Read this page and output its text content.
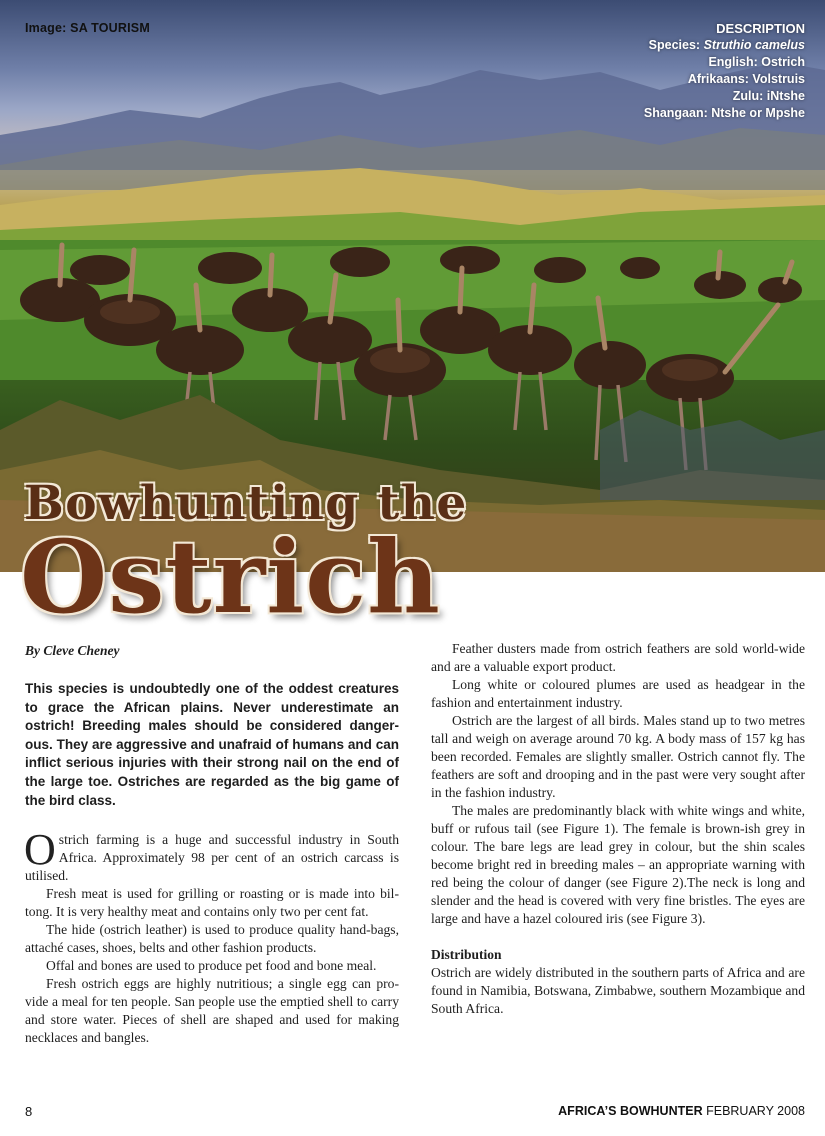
Image: SA TOURISM	DESCRIPTION
Species: Struthio camelus
English: Ostrich
Afrikaans: Volstruis
Zulu: iNtshe
Shangaan: Ntshe or Mpshe
Bowhunting the
Ostrich
By Cleve Cheney
This species is undoubtedly one of the oddest creatures to grace the African plains. Never underestimate an ostrich! Breeding males should be considered danger-ous. They are aggressive and unafraid of humans and can inflict serious injuries with their strong nail on the end of the large toe. Ostriches are regarded as the big game of the bird class.

Ostrich farming is a huge and successful industry in South Africa. Approximately 98 per cent of an ostrich carcass is utilised.

Fresh meat is used for grilling or roasting or is made into bil-tong. It is very healthy meat and contains only two per cent fat.

The hide (ostrich leather) is used to produce quality hand-bags, attaché cases, shoes, belts and other fashion products.

Offal and bones are used to produce pet food and bone meal.

Fresh ostrich eggs are highly nutritious; a single egg can pro-vide a meal for ten people. San people use the emptied shell to carry and store water. Pieces of shell are shaped and used for making necklaces and bangles.

Feather dusters made from ostrich feathers are sold world-wide and are a valuable export product.

Long white or coloured plumes are used as headgear in the fashion and entertainment industry.

Ostrich are the largest of all birds. Males stand up to two metres tall and weigh on average around 70 kg. A body mass of 157 kg has been recorded. Females are slightly smaller. Ostrich cannot fly. The feathers are soft and drooping and in the past were very sought after in the fashion industry.

The males are predominantly black with white wings and white, buff or rufous tail (see Figure 1). The female is brown-ish grey in colour. The bare legs are lead grey in colour, but the shin scales become bright red in breeding males – an appropriate warning with red being the colour of danger (see Figure 2).The neck is long and slender and the head is covered with very fine bristles. The eyes are large and have a hazel coloured iris (see Figure 3).

Distribution

Ostrich are widely distributed in the southern parts of Africa and are found in Namibia, Botswana, Zimbabwe, southern Mozambique and South Africa.

8	AFRICA’S BOWHUNTER FEBRUARY 2008
